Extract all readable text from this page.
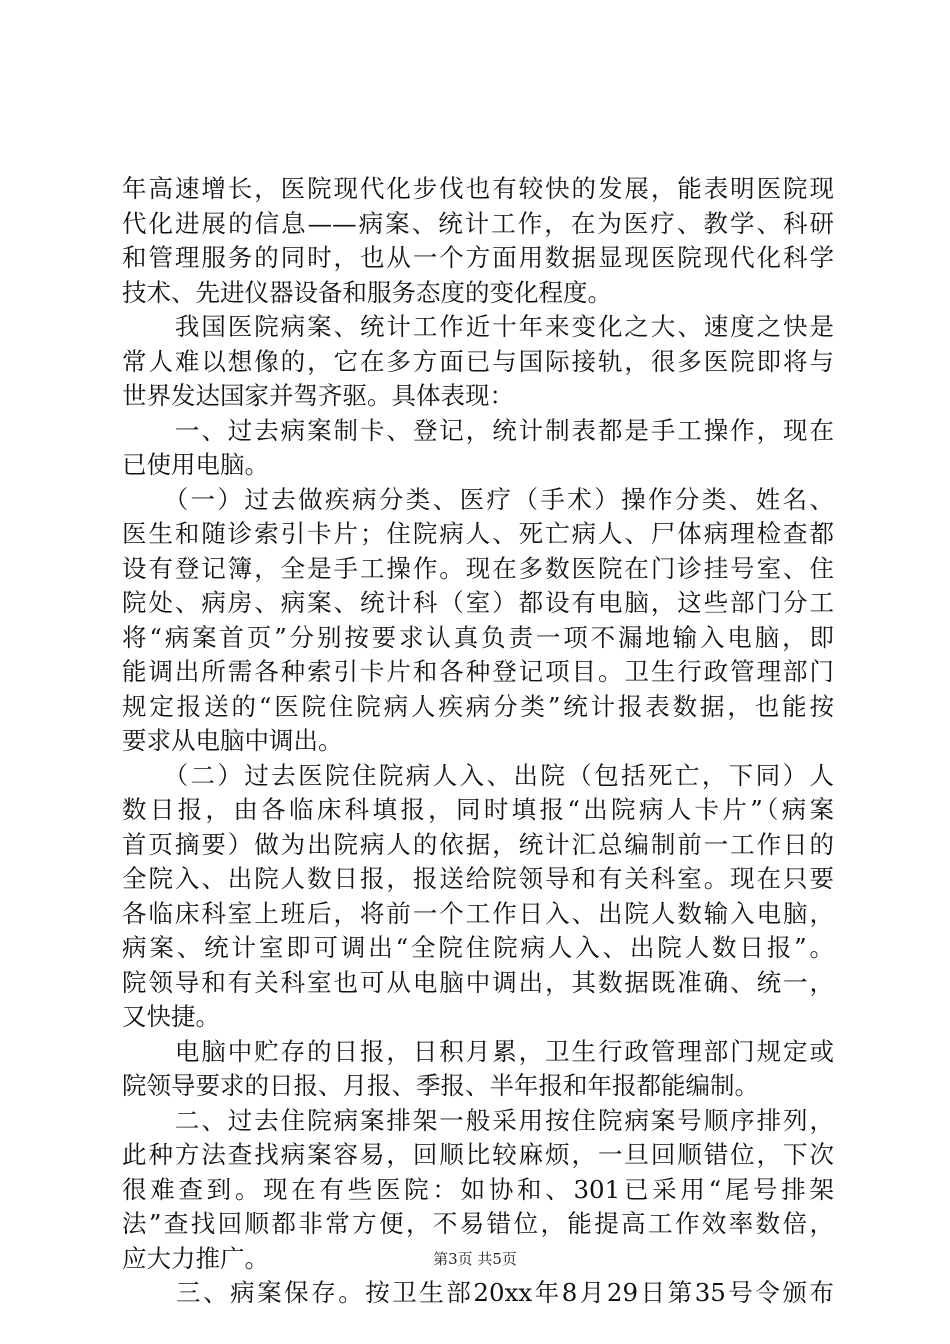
年高速增长，医院现代化步伐也有较快的发展，能表明医院现
代化进展的信息——病案、统计工作，在为医疗、教学、科研
和管理服务的同时，也从一个方面用数据显现医院现代化科学
技术、先进仪器设备和服务态度的变化程度。
　　我国医院病案、统计工作近十年来变化之大、速度之快是
常人难以想像的，它在多方面已与国际接轨，很多医院即将与
世界发达国家并驾齐驱。具体表现：
　　一、过去病案制卡、登记，统计制表都是手工操作，现在
已使用电脑。
　　（一）过去做疾病分类、医疗（手术）操作分类、姓名、
医生和随诊索引卡片；住院病人、死亡病人、尸体病理检查都
设有登记簿，全是手工操作。现在多数医院在门诊挂号室、住
院处、病房、病案、统计科（室）都设有电脑，这些部门分工
将“病案首页”分别按要求认真负责一项不漏地输入电脑，即
能调出所需各种索引卡片和各种登记项目。卫生行政管理部门
规定报送的“医院住院病人疾病分类”统计报表数据，也能按
要求从电脑中调出。
　　（二）过去医院住院病人入、出院（包括死亡，下同）人
数日报，由各临床科填报，同时填报“出院病人卡片”（病案
首页摘要）做为出院病人的依据，统计汇总编制前一工作日的
全院入、出院人数日报，报送给院领导和有关科室。现在只要
各临床科室上班后，将前一个工作日入、出院人数输入电脑，
病案、统计室即可调出“全院住院病人入、出院人数日报”。
院领导和有关科室也可从电脑中调出，其数据既准确、统一，
又快捷。
　　电脑中贮存的日报，日积月累，卫生行政管理部门规定或
院领导要求的日报、月报、季报、半年报和年报都能编制。
　　二、过去住院病案排架一般采用按住院病案号顺序排列，
此种方法查找病案容易，回顺比较麻烦，一旦回顺错位，下次
很难查到。现在有些医院：如协和、301已采用“尾号排架
法”查找回顺都非常方便，不易错位，能提高工作效率数倍，
应大力推广。
　　三、病案保存。按卫生部20xx年8月29日第35号令颁布
第3页 共5页
